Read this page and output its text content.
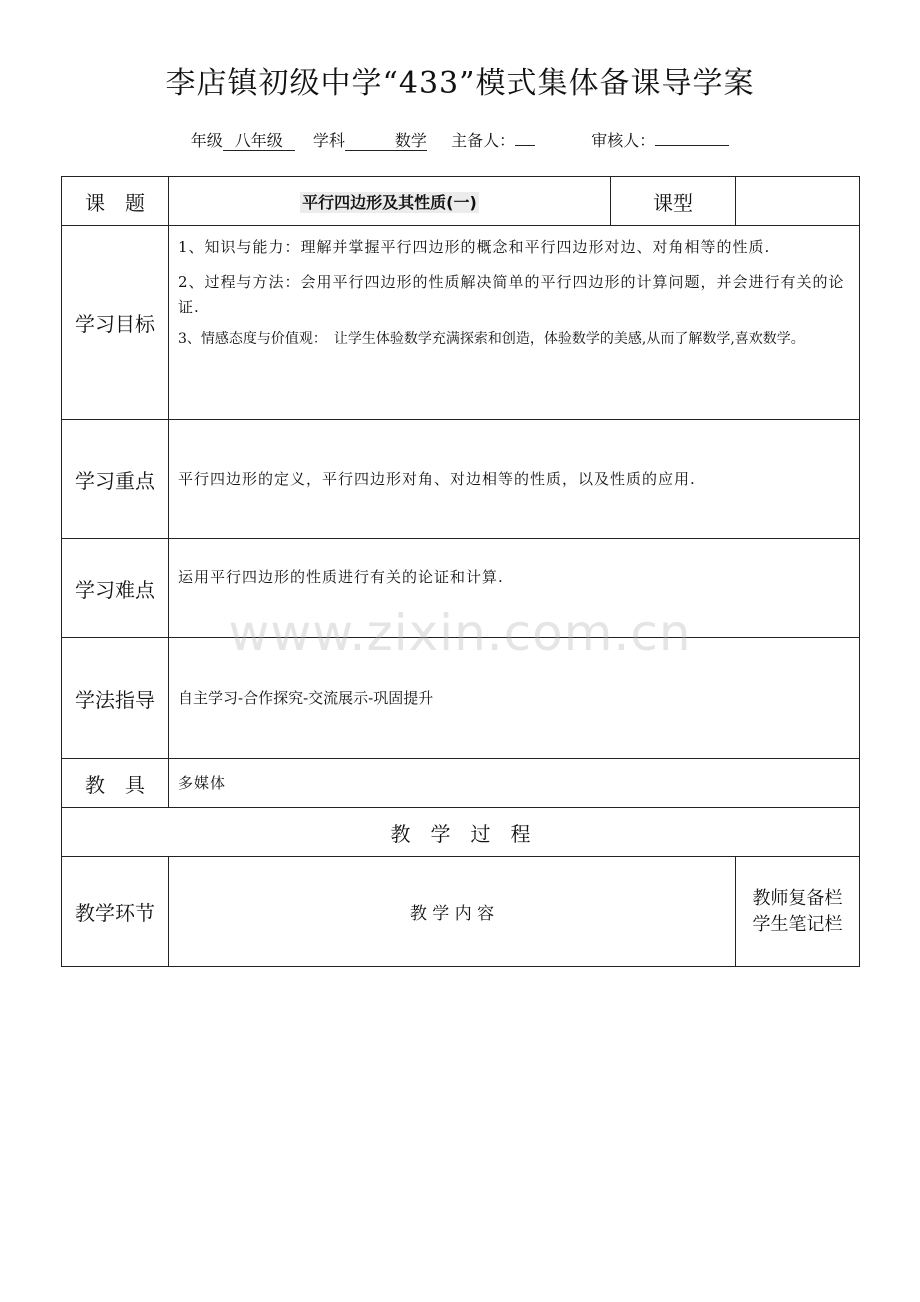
李店镇初级中学“433”模式集体备课导学案
年级 八年级 学科	数学 主备人：	审核人：
课　题	平行四边形及其性质(一)	课型	
学习目标	1、知识与能力：理解并掌握平行四边形的概念和平行四边形对边、对角相等的性质.
2、过程与方法：会用平行四边形的性质解决简单的平行四边形的计算问题，并会进行有关的论证.
3、情感态度与价值观：　让学生体验数学充满探索和创造，体验数学的美感,从而了解数学,喜欢数学。		

学习重点	平行四边形的定义，平行四边形对角、对边相等的性质，以及性质的应用.		
学习难点	运用平行四边形的性质进行有关的论证和计算.		
学法指导	自主学习-合作探究-交流展示-巩固提升		
教　具	多媒体		
教　学　过　程			
教学环节	教 学 内 容		教师复备栏
学生笔记栏
www.zixin.com.cn
